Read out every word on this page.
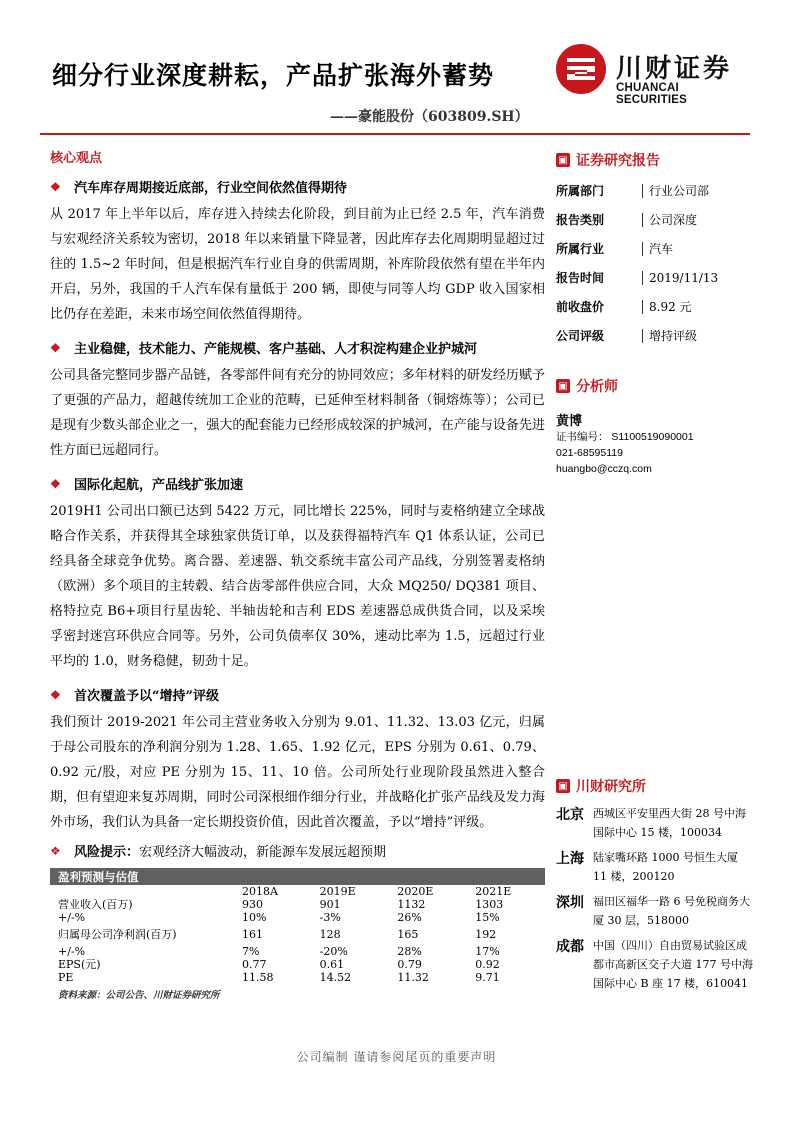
细分行业深度耕耘，产品扩张海外蓄势
——豪能股份（603809.SH）
川财证券
CHUANCAI SECURITIES
核心观点
❖	汽车库存周期接近底部，行业空间依然值得期待
从 2017 年上半年以后，库存进入持续去化阶段，到目前为止已经 2.5 年，汽车消费与宏观经济关系较为密切，2018 年以来销量下降显著，因此库存去化周期明显超过过往的 1.5~2 年时间，但是根据汽车行业自身的供需周期，补库阶段依然有望在半年内开启，另外，我国的千人汽车保有量低于 200 辆，即使与同等人均 GDP 收入国家相比仍存在差距，未来市场空间依然值得期待。
❖	主业稳健，技术能力、产能规模、客户基础、人才积淀构建企业护城河
公司具备完整同步器产品链，各零部件间有充分的协同效应；多年材料的研发经历赋予了更强的产品力，超越传统加工企业的范畴，已延伸至材料制备（铜熔炼等）；公司已是现有少数头部企业之一，强大的配套能力已经形成较深的护城河，在产能与设备先进性方面已远超同行。
❖	国际化起航，产品线扩张加速
2019H1 公司出口额已达到 5422 万元，同比增长 225%，同时与麦格纳建立全球战略合作关系，并获得其全球独家供货订单，以及获得福特汽车 Q1 体系认证，公司已经具备全球竞争优势。离合器、差速器、轨交系统丰富公司产品线，分别签署麦格纳（欧洲）多个项目的主转毂、结合齿零部件供应合同，大众 MQ250/ DQ381 项目、格特拉克 B6+项目行星齿轮、半轴齿轮和吉利 EDS 差速器总成供货合同，以及采埃孚密封迷宫环供应合同等。另外，公司负债率仅 30%，速动比率为 1.5，远超过行业平均的 1.0，财务稳健，韧劲十足。
❖	首次覆盖予以“增持”评级
我们预计 2019-2021 年公司主营业务收入分别为 9.01、11.32、13.03 亿元，归属于母公司股东的净利润分别为 1.28、1.65、1.92 亿元，EPS 分别为 0.61、0.79、0.92 元/股，对应 PE 分别为 15、11、10 倍。公司所处行业现阶段虽然进入整合期，但有望迎来复苏周期，同时公司深根细作细分行业，并战略化扩张产品线及发力海外市场，我们认为具备一定长期投资价值，因此首次覆盖，予以“增持”评级。
❖	风险提示： 宏观经济大幅波动，新能源车发展远超预期
盈利预测与估值
	2018A	2019E	2020E	2021E
营业收入(百万)	930	901	1132	1303
+/-%	10%	-3%	26%	15%
归属母公司净利润(百万)	161	128	165	192
+/-%	7%	-20%	28%	17%
EPS(元)	0.77	0.61	0.79	0.92
PE	11.58	14.52	11.32	9.71
资料来源：公司公告、川财证券研究所
▣ 证券研究报告
所属部门	行业公司部
报告类别	公司深度
所属行业	汽车
报告时间	2019/11/13
前收盘价	8.92 元
公司评级	增持评级
▣ 分析师
黄博
证书编号： S1100519090001
021-68595119
huangbo@cczq.com
▣ 川财研究所
北京 西城区平安里西大街 28 号中海国际中心 15 楼，100034
上海 陆家嘴环路 1000 号恒生大厦 11 楼，200120
深圳 福田区福华一路 6 号免税商务大厦 30 层，518000
成都 中国（四川）自由贸易试验区成都市高新区交子大道 177 号中海国际中心 B 座 17 楼，610041
公司编制 谨请参阅尾页的重要声明
